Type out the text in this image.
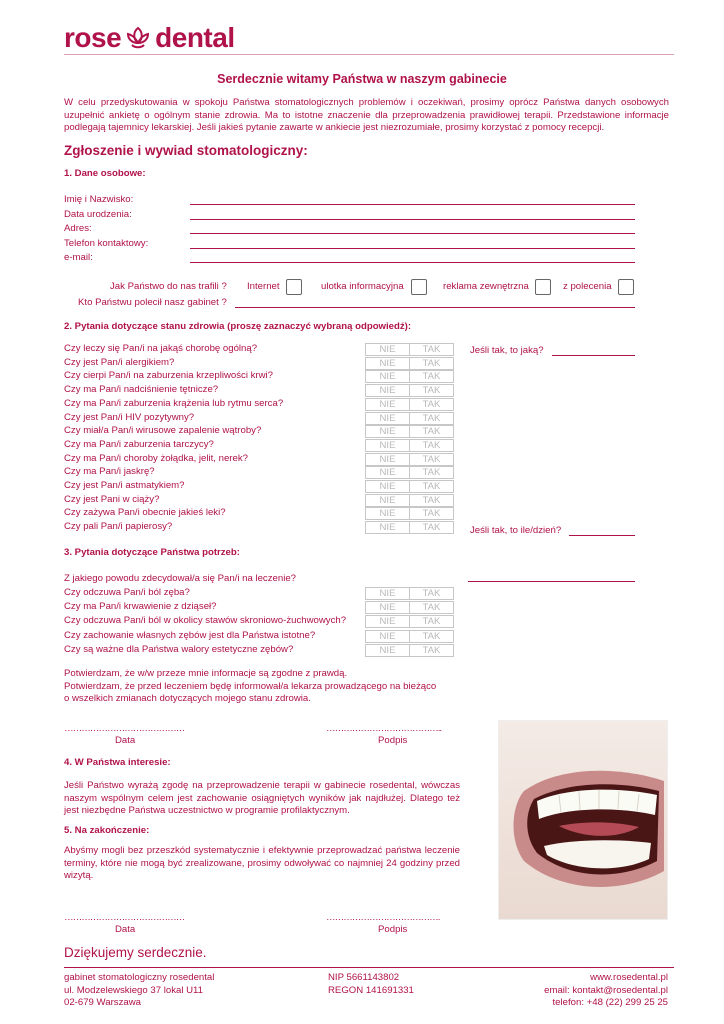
rose dental
Serdecznie witamy Państwa w naszym gabinecie
W celu przedyskutowania w spokoju Państwa stomatologicznych problemów i oczekiwań, prosimy oprócz Państwa danych osobowych uzupełnić ankietę o ogólnym stanie zdrowia. Ma to istotne znaczenie dla przeprowadzenia prawidłowej terapii. Przedstawione informacje podlegają tajemnicy lekarskiej. Jeśli jakieś pytanie zawarte w ankiecie jest niezrozumiałe, prosimy korzystać z pomocy recepcji.
Zgłoszenie i wywiad stomatologiczny:
1. Dane osobowe:
Imię i Nazwisko:
Data urodzenia:
Adres:
Telefon kontaktowy:
e-mail:
Jak Państwo do nas trafili ? Internet	ulotka informacyjna	reklama zewnętrzna	z polecenia
Kto Państwu polecił nasz gabinet ?
2. Pytania dotyczące stanu zdrowia (proszę zaznaczyć wybraną odpowiedź):
Czy leczy się Pan/i na jakąś chorobę ogólną?	NIE	TAK
Czy jest Pan/i alergikiem?	NIE	TAK
Czy cierpi Pan/i na zaburzenia krzepliwości krwi?	NIE	TAK
Czy ma Pan/i nadciśnienie tętnicze?	NIE	TAK
Czy ma Pan/i zaburzenia krążenia lub rytmu serca?	NIE	TAK
Czy jest Pan/i HIV pozytywny?	NIE	TAK
Czy miał/a Pan/i wirusowe zapalenie wątroby?	NIE	TAK
Czy ma Pan/i zaburzenia tarczycy?	NIE	TAK
Czy ma Pan/i choroby żołądka, jelit, nerek?	NIE	TAK
Czy ma Pan/i jaskrę?	NIE	TAK
Czy jest Pan/i astmatykiem?	NIE	TAK
Czy jest Pani w ciąży?	NIE	TAK
Czy zażywa Pan/i obecnie jakieś leki?	NIE	TAK
Czy pali Pan/i papierosy?	NIE	TAK
Jeśli tak, to jaką?
Jeśli tak, to ile/dzień?
3. Pytania dotyczące Państwa potrzeb:
Z jakiego powodu zdecydował/a się Pan/i na leczenie?
Czy odczuwa Pan/i ból zęba?	NIE	TAK
Czy ma Pan/i krwawienie z dziąseł?	NIE	TAK
Czy odczuwa Pan/i ból w okolicy stawów skroniowo-żuchwowych?	NIE	TAK
Czy zachowanie własnych zębów jest dla Państwa istotne?	NIE	TAK
Czy są ważne dla Państwa walory estetyczne zębów?	NIE	TAK
Potwierdzam, że w/w przeze mnie informacje są zgodne z prawdą.
Potwierdzam, że przed leczeniem będę informował/a lekarza prowadzącego na bieżąco
o wszelkich zmianach dotyczących mojego stanu zdrowia.
……………………………………	…………………………………..
Data	Podpis
4. W Państwa interesie:
Jeśli Państwo wyrażą zgodę na przeprowadzenie terapii w gabinecie rosedental, wówczas naszym wspólnym celem jest zachowanie osiągniętych wyników jak najdłużej. Dlatego też jest niezbędne Państwa uczestnictwo w programie profilaktycznym.
5. Na zakończenie:
Abyśmy mogli bez przeszkód systematycznie i efektywnie przeprowadzać państwa leczenie terminy, które nie mogą być zrealizowane, prosimy odwoływać co najmniej 24 godziny przed wizytą.
……………………………………	………………………………….
Data	Podpis
Dziękujemy serdecznie.
gabinet stomatologiczny rosedental
ul. Modzelewskiego 37 lokal U11
02-679 Warszawa
NIP 5661143802
REGON 141691331
www.rosedental.pl
email: kontakt@rosedental.pl
telefon: +48 (22) 299 25 25
